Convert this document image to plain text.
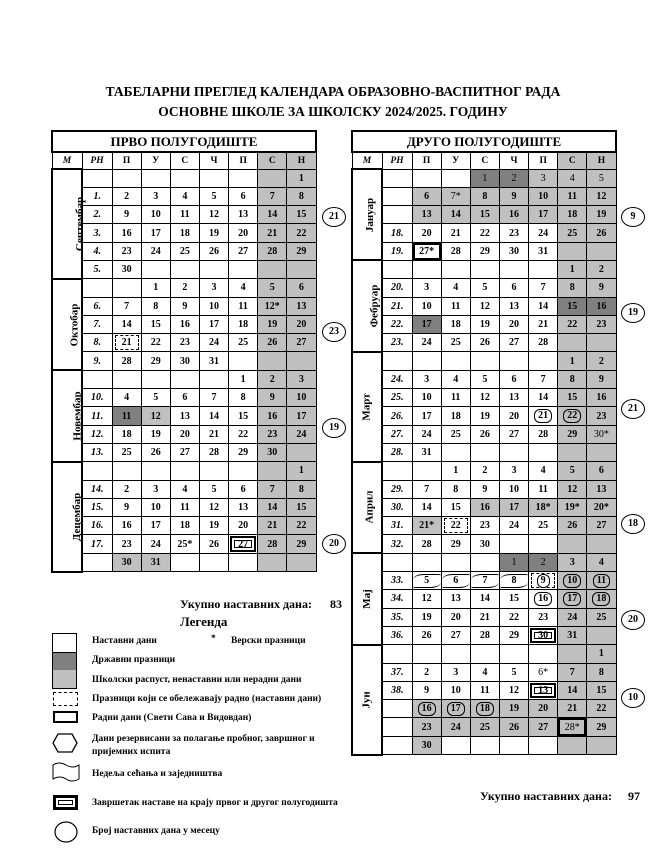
ТАБЕЛАРНИ ПРЕГЛЕД КАЛЕНДАРА ОБРАЗОВНО-ВАСПИТНОГ РАДА
ОСНОВНЕ ШКОЛЕ ЗА ШКОЛСКУ 2024/2025. ГОДИНУ
ПРВО ПОЛУГОДИШТЕ								
М	РН	П	У	С	Ч	П	С	Н
Септембар								1
	1.	2	3	4	5	6	7	8
	2.	9	10	11	12	13	14	15
	3.	16	17	18	19	20	21	22
	4.	23	24	25	26	27	28	29
	5.	30						
Октобар			1	2	3	4	5	6
	6.	7	8	9	10	11	12*	13
	7.	14	15	16	17	18	19	20
	8.	21	22	23	24	25	26	27
	9.	28	29	30	31			
Новембар						1	2	3
	10.	4	5	6	7	8	9	10
	11.	11	12	13	14	15	16	17
	12.	18	19	20	21	22	23	24
	13.	25	26	27	28	29	30	
Децембар								1
	14.	2	3	4	5	6	7	8
	15.	9	10	11	12	13	14	15
	16.	16	17	18	19	20	21	22
	17.	23	24	25*	26	27	28	29
		30	31					
21
23
19
20
Укупно наставних дана: 83
ДРУГО ПОЛУГОДИШТЕ								
М	РН	П	У	С	Ч	П	С	Н
Јануар				1	2	3	4	5
		6	7*	8	9	10	11	12
		13	14	15	16	17	18	19
	18.	20	21	22	23	24	25	26
	19.	27*	28	29	30	31		
Фебруар							1	2
	20.	3	4	5	6	7	8	9
	21.	10	11	12	13	14	15	16
	22.	17	18	19	20	21	22	23
	23.	24	25	26	27	28		
Март							1	2
	24.	3	4	5	6	7	8	9
	25.	10	11	12	13	14	15	16
	26.	17	18	19	20	21	22	23
	27.	24	25	26	27	28	29	30*
	28.	31						
Април			1	2	3	4	5	6
	29.	7	8	9	10	11	12	13
	30.	14	15	16	17	18*	19*	20*
	31.	21*	22	23	24	25	26	27
	32.	28	29	30				
Мај					1	2	3	4
	33.	5	6	7	8	9	10	11
	34.	12	13	14	15	16	17	18
	35.	19	20	21	22	23	24	25
	36.	26	27	28	29	30	31	
Јун								1
	37.	2	3	4	5	6*	7	8
	38.	9	10	11	12	13	14	15
		16	17	18	19	20	21	22
		23	24	25	26	27	28*	29
		30						
9
19
21
18
20
10
Укупно наставних дана: 97
Легенда
Наставни дани	* Верски празници
Државни празници
Школски распуст, ненаставни или нерадни дани
Празници који се обележавају радно (наставни дани)
Радни дани (Свети Сава и Видовдан)
Дани резервисани за полагање пробног, завршног и пријемних испита
Недеља сећања и заједништва
Завршетак наставе на крају првог и другог полугодишта
Број наставних дана у месецу
